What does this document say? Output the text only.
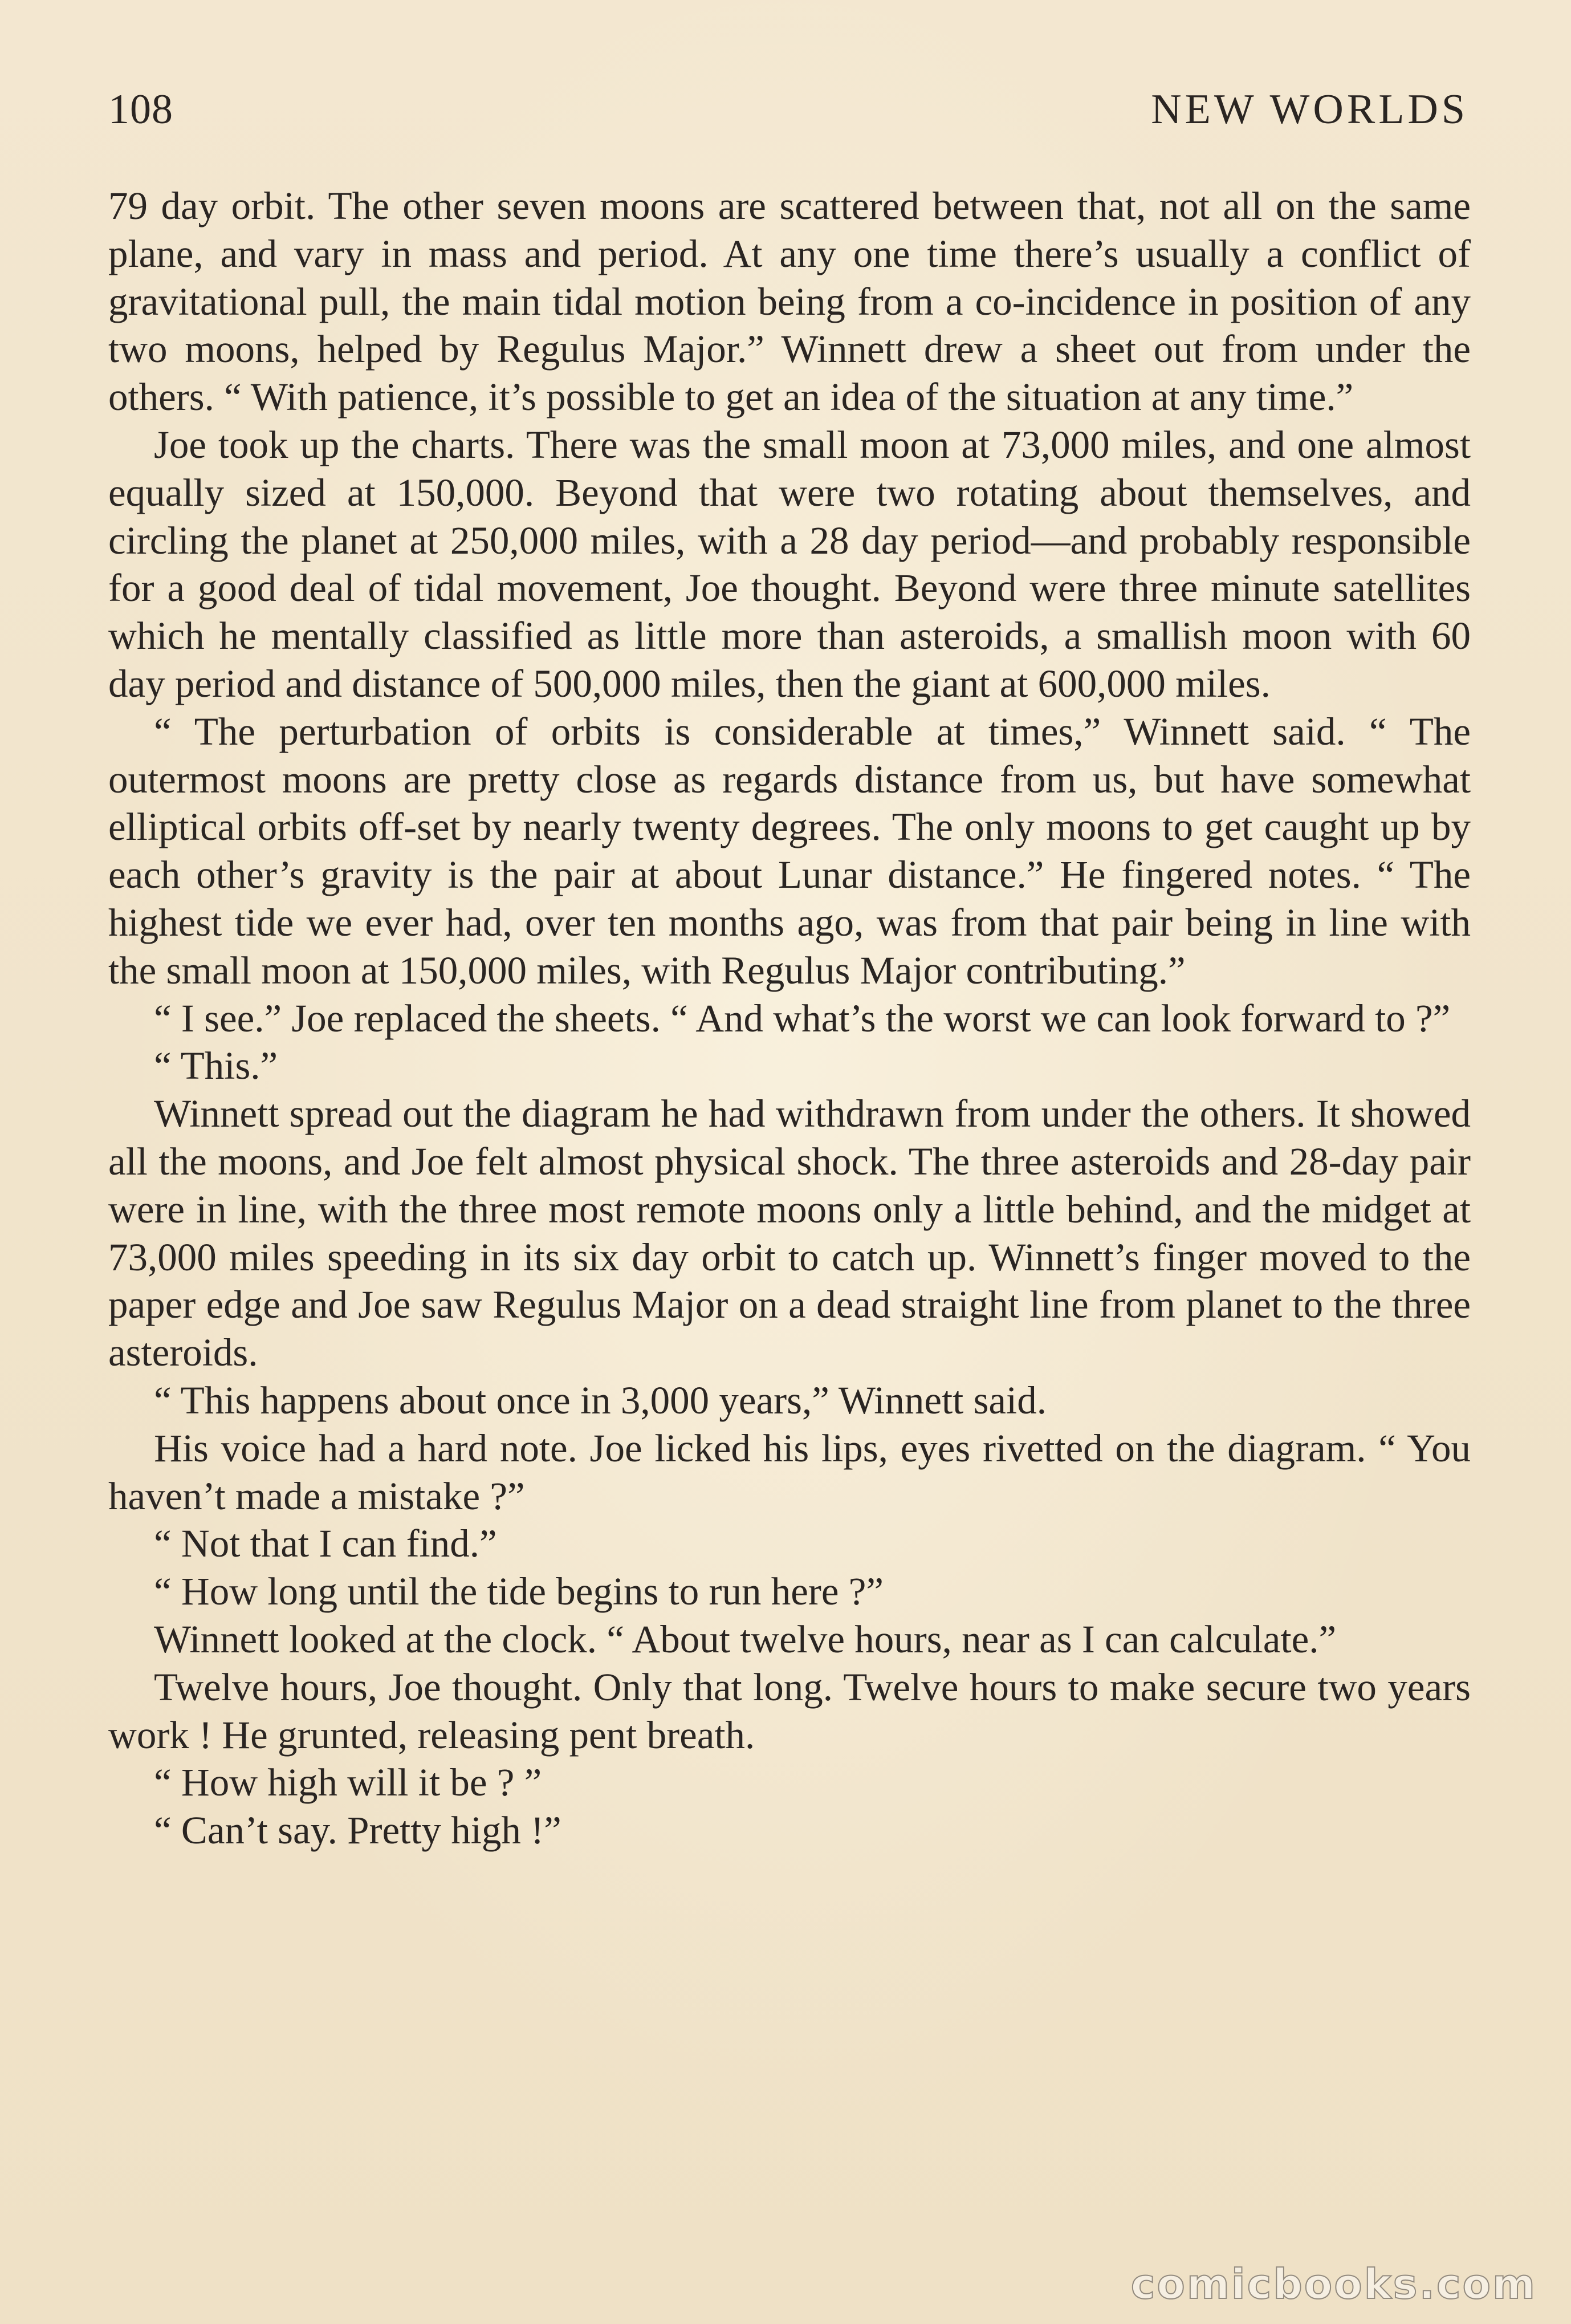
108	NEW WORLDS

79 day orbit. The other seven moons are scattered between that, not all on the same plane, and vary in mass and period. At any one time there’s usually a conflict of gravitational pull, the main tidal motion being from a co-incidence in position of any two moons, helped by Regulus Major.” Winnett drew a sheet out from under the others. “ With patience, it’s possible to get an idea of the situation at any time.”

Joe took up the charts. There was the small moon at 73,000 miles, and one almost equally sized at 150,000. Beyond that were two rotating about themselves, and circling the planet at 250,000 miles, with a 28 day period—and probably responsible for a good deal of tidal movement, Joe thought. Beyond were three minute satellites which he mentally classified as little more than asteroids, a smallish moon with 60 day period and distance of 500,000 miles, then the giant at 600,000 miles.

“ The perturbation of orbits is considerable at times,” Winnett said. “ The outermost moons are pretty close as regards distance from us, but have somewhat elliptical orbits off-set by nearly twenty degrees. The only moons to get caught up by each other’s gravity is the pair at about Lunar distance.” He fingered notes. “ The highest tide we ever had, over ten months ago, was from that pair being in line with the small moon at 150,000 miles, with Regulus Major contributing.”

“ I see.” Joe replaced the sheets. “ And what’s the worst we can look forward to ?”

“ This.”

Winnett spread out the diagram he had withdrawn from under the others. It showed all the moons, and Joe felt almost physical shock. The three asteroids and 28-day pair were in line, with the three most remote moons only a little behind, and the midget at 73,000 miles speeding in its six day orbit to catch up. Winnett’s finger moved to the paper edge and Joe saw Regulus Major on a dead straight line from planet to the three asteroids.

“ This happens about once in 3,000 years,” Winnett said.

His voice had a hard note. Joe licked his lips, eyes rivetted on the diagram. “ You haven’t made a mistake ?”

“ Not that I can find.”

“ How long until the tide begins to run here ?”

Winnett looked at the clock. “ About twelve hours, near as I can calculate.”

Twelve hours, Joe thought. Only that long. Twelve hours to make secure two years work ! He grunted, releasing pent breath.

“ How high will it be ? ”

“ Can’t say. Pretty high !”

comicbooks.com
